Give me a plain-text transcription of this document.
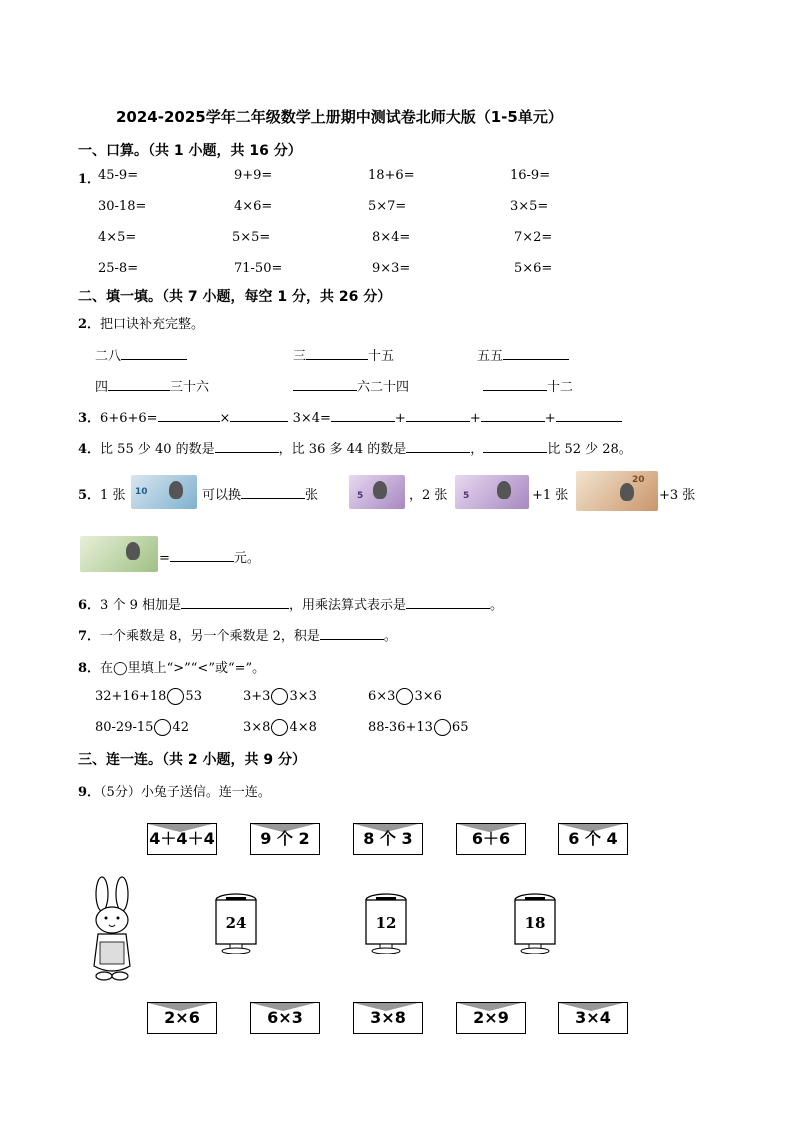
2024-2025学年二年级数学上册期中测试卷北师大版（1-5单元）
一、口算。（共 1 小题，共 16 分）
1．
45-9=	9+9=	18+6=	16-9=
30-18=	4×6=	5×7=	3×5=
4×5=	5×5=	8×4=	7×2=
25-8=	71-50=	9×3=	5×6=
二、填一填。（共 7 小题，每空 1 分，共 26 分）
2．把口诀补充完整。
二八	三	十五	五五
四	三十六	六二十四	十二
3．6+6+6=	×	3×4=	+	+	+
4．比 55 少 40 的数是	，比 36 多 44 的数是	，	比 52 少 28。
5．1 张 10	可以换	张	5	，2 张 5	+1 张
20
+3 张
=	元。
6．3 个 9 相加是	，用乘法算式表示是	。
7．一个乘数是 8，另一个乘数是 2，积是	。
8．在◯里填上“>”“<”或“=”。
32+16+18 53	3+3 3×3	6×3 3×6
80-29-15 42	3×8 4×8	88-36+13 65
三、连一连。（共 2 小题，共 9 分）
9．（5分）小兔子送信。连一连。
4＋4＋4	9 个 2	8 个 3	6＋6	6 个 4
24	12	18
2×6	6×3	3×8	2×9	3×4
